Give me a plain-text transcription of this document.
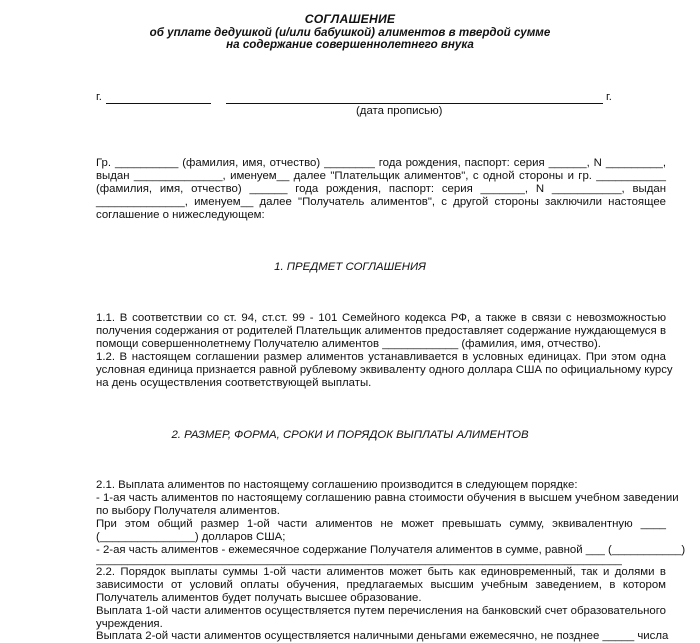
СОГЛАШЕНИЕ
об уплате дедушкой (и/или бабушкой) алиментов в твердой сумме
на содержание совершеннолетнего внука
г.	г.
(дата прописью)
Гр. __________ (фамилия, имя, отчество) ________ года рождения, паспорт: серия ______, N _________,
выдан ______________, именуем__ далее "Плательщик алиментов", с одной стороны и гр. ___________
(фамилия, имя, отчество) ______ года рождения, паспорт: серия _______, N ___________, выдан
______________, именуем__ далее "Получатель алиментов", с другой стороны заключили настоящее
соглашение о нижеследующем:
1. ПРЕДМЕТ СОГЛАШЕНИЯ
1.1. В соответствии со ст. 94, ст.ст. 99 - 101 Семейного кодекса РФ, а также в связи с невозможностью
получения содержания от родителей Плательщик алиментов предоставляет содержание нуждающемуся в
помощи совершеннолетнему Получателю алиментов ____________ (фамилия, имя, отчество).
1.2. В настоящем соглашении размер алиментов устанавливается в условных единицах. При этом одна
условная единица признается равной рублевому эквиваленту одного доллара США по официальному курсу
на день осуществления соответствующей выплаты.
2. РАЗМЕР, ФОРМА, СРОКИ И ПОРЯДОК ВЫПЛАТЫ АЛИМЕНТОВ
2.1. Выплата алиментов по настоящему соглашению производится в следующем порядке:
- 1-ая часть алиментов по настоящему соглашению равна стоимости обучения в высшем учебном заведении
по выбору Получателя алиментов.
При этом общий размер 1-ой части алиментов не может превышать сумму, эквивалентную ____
(_______________) долларов США;
- 2-ая часть алиментов - ежемесячное содержание Получателя алиментов в сумме, равной ___ (___________)
___________________________________________________________________________________
2.2. Порядок выплаты суммы 1-ой части алиментов может быть как единовременный, так и долями в
зависимости от условий оплаты обучения, предлагаемых высшим учебным заведением, в котором
Получатель алиментов будет получать высшее образование.
Выплата 1-ой части алиментов осуществляется путем перечисления на банковский счет образовательного
учреждения.
Выплата 2-ой части алиментов осуществляется наличными деньгами ежемесячно, не позднее _____ числа
